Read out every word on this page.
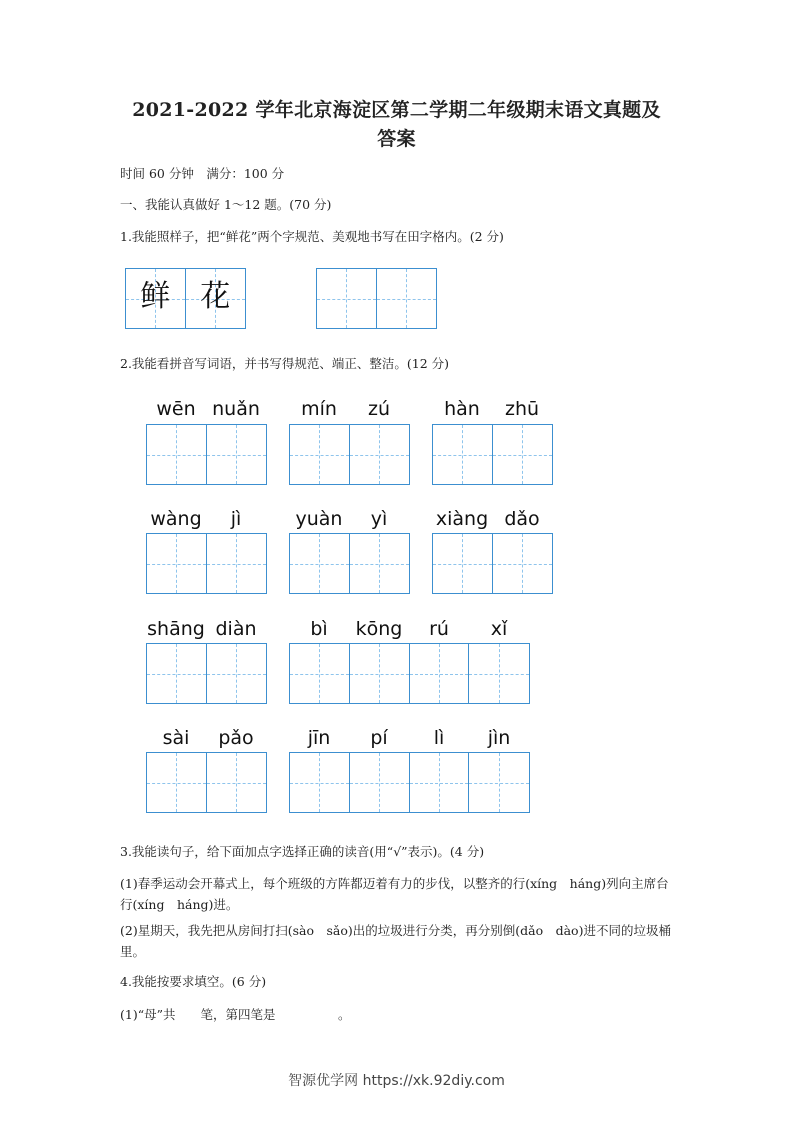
2021-2022 学年北京海淀区第二学期二年级期末语文真题及
答案
时间 60 分钟　满分：100 分
一、我能认真做好 1～12 题。(70 分)
1.我能照样子，把“鲜花”两个字规范、美观地书写在田字格内。(2 分)
鲜	花
2.我能看拼音写词语，并书写得规范、端正、整洁。(12 分)
wēn nuǎn	mín	zú	hàn	zhū
wàng	jì	yuàn	yì	xiàng dǎo
shāng diàn	bì	kōng	rú	xǐ
sài	pǎo	jīn	pí	lì	jìn
3.我能读句子，给下面加点字选择正确的读音(用“√”表示)。(4 分)
(1)春季运动会开幕式上，每个班级的方阵都迈着有力的步伐，以整齐的行(xíng　háng)列向主席台行(xíng　háng)进。
(2)星期天，我先把从房间打扫(sào　sǎo)出的垃圾进行分类，再分别倒(dǎo　dào)进不同的垃圾桶里。
4.我能按要求填空。(6 分)
(1)“母”共　　笔，第四笔是　　　　　。
智源优学网 https://xk.92diy.com
